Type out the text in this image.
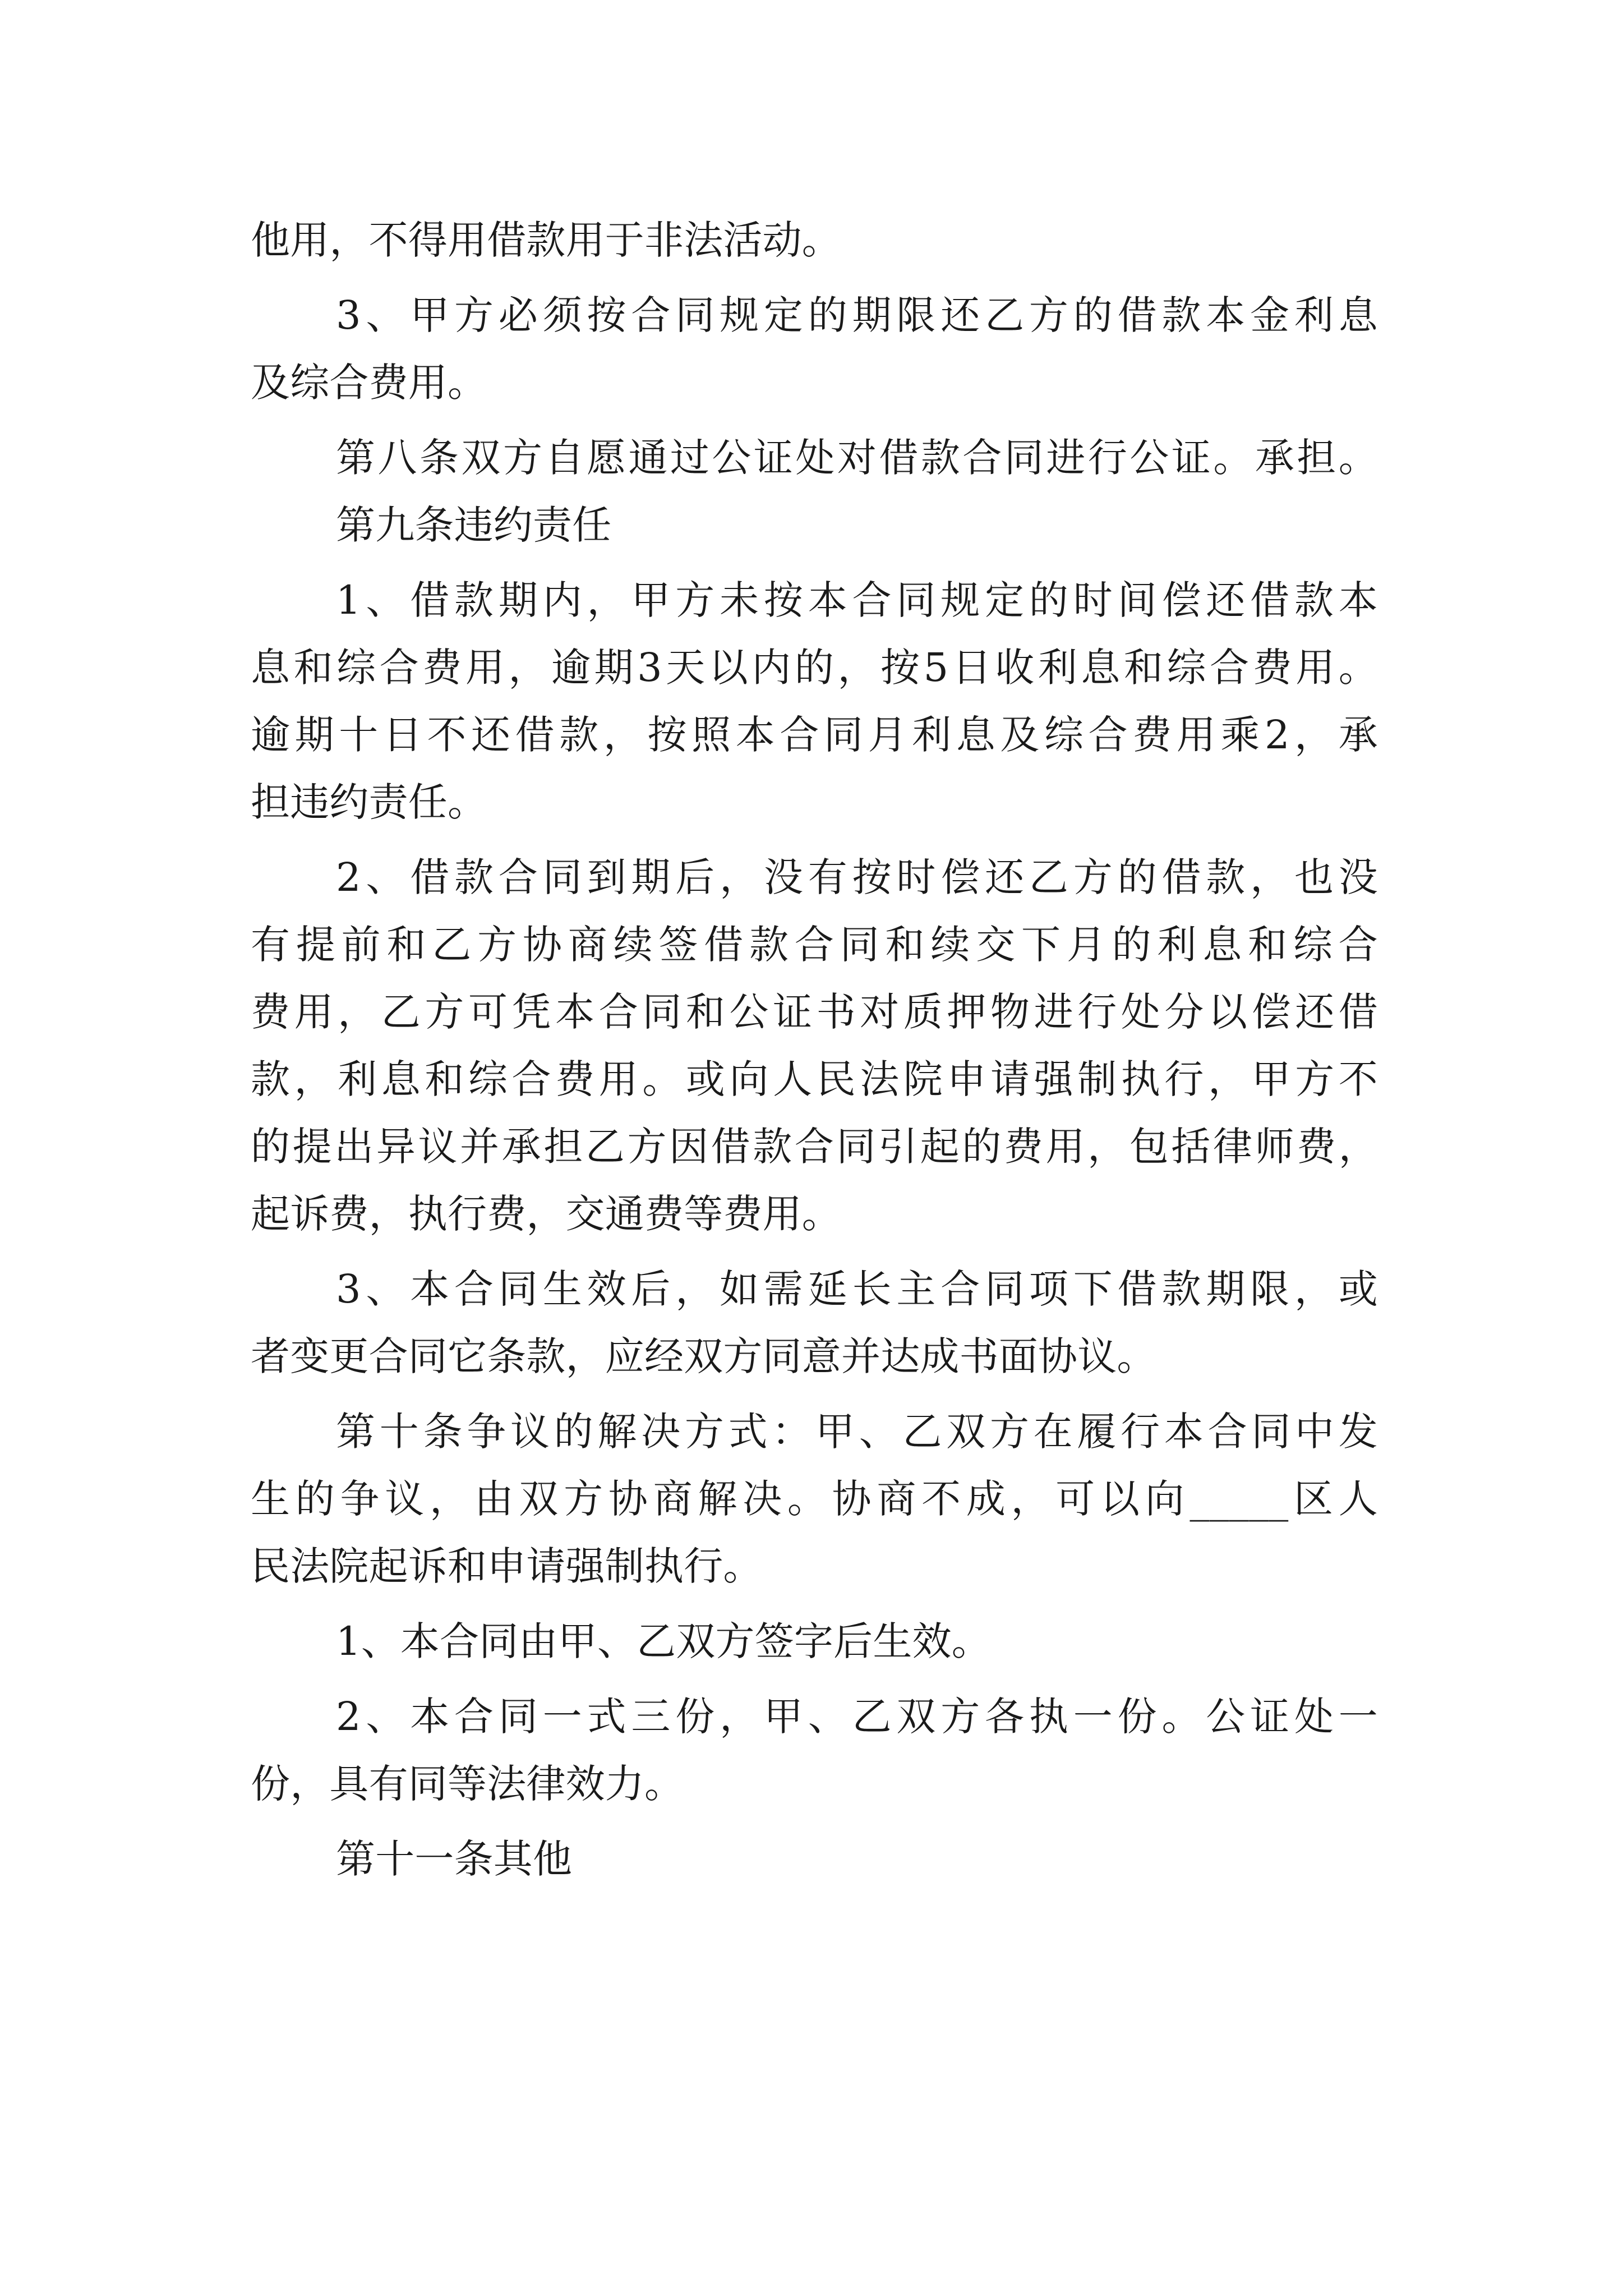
他用，不得用借款用于非法活动。
3、甲方必须按合同规定的期限还乙方的借款本金利息
及综合费用。
第八条双方自愿通过公证处对借款合同进行公证。承担。
第九条违约责任
1、借款期内，甲方未按本合同规定的时间偿还借款本
息和综合费用，逾期3天以内的，按5日收利息和综合费用。
逾期十日不还借款，按照本合同月利息及综合费用乘2，承
担违约责任。
2、借款合同到期后，没有按时偿还乙方的借款，也没
有提前和乙方协商续签借款合同和续交下月的利息和综合
费用，乙方可凭本合同和公证书对质押物进行处分以偿还借
款，利息和综合费用。或向人民法院申请强制执行，甲方不
的提出异议并承担乙方因借款合同引起的费用，包括律师费，
起诉费，执行费，交通费等费用。
3、本合同生效后，如需延长主合同项下借款期限，或
者变更合同它条款，应经双方同意并达成书面协议。
第十条争议的解决方式：甲、乙双方在履行本合同中发
生的争议，由双方协商解决。协商不成，可以向_____区人
民法院起诉和申请强制执行。
1、本合同由甲、乙双方签字后生效。
2、本合同一式三份，甲、乙双方各执一份。公证处一
份，具有同等法律效力。
第十一条其他
